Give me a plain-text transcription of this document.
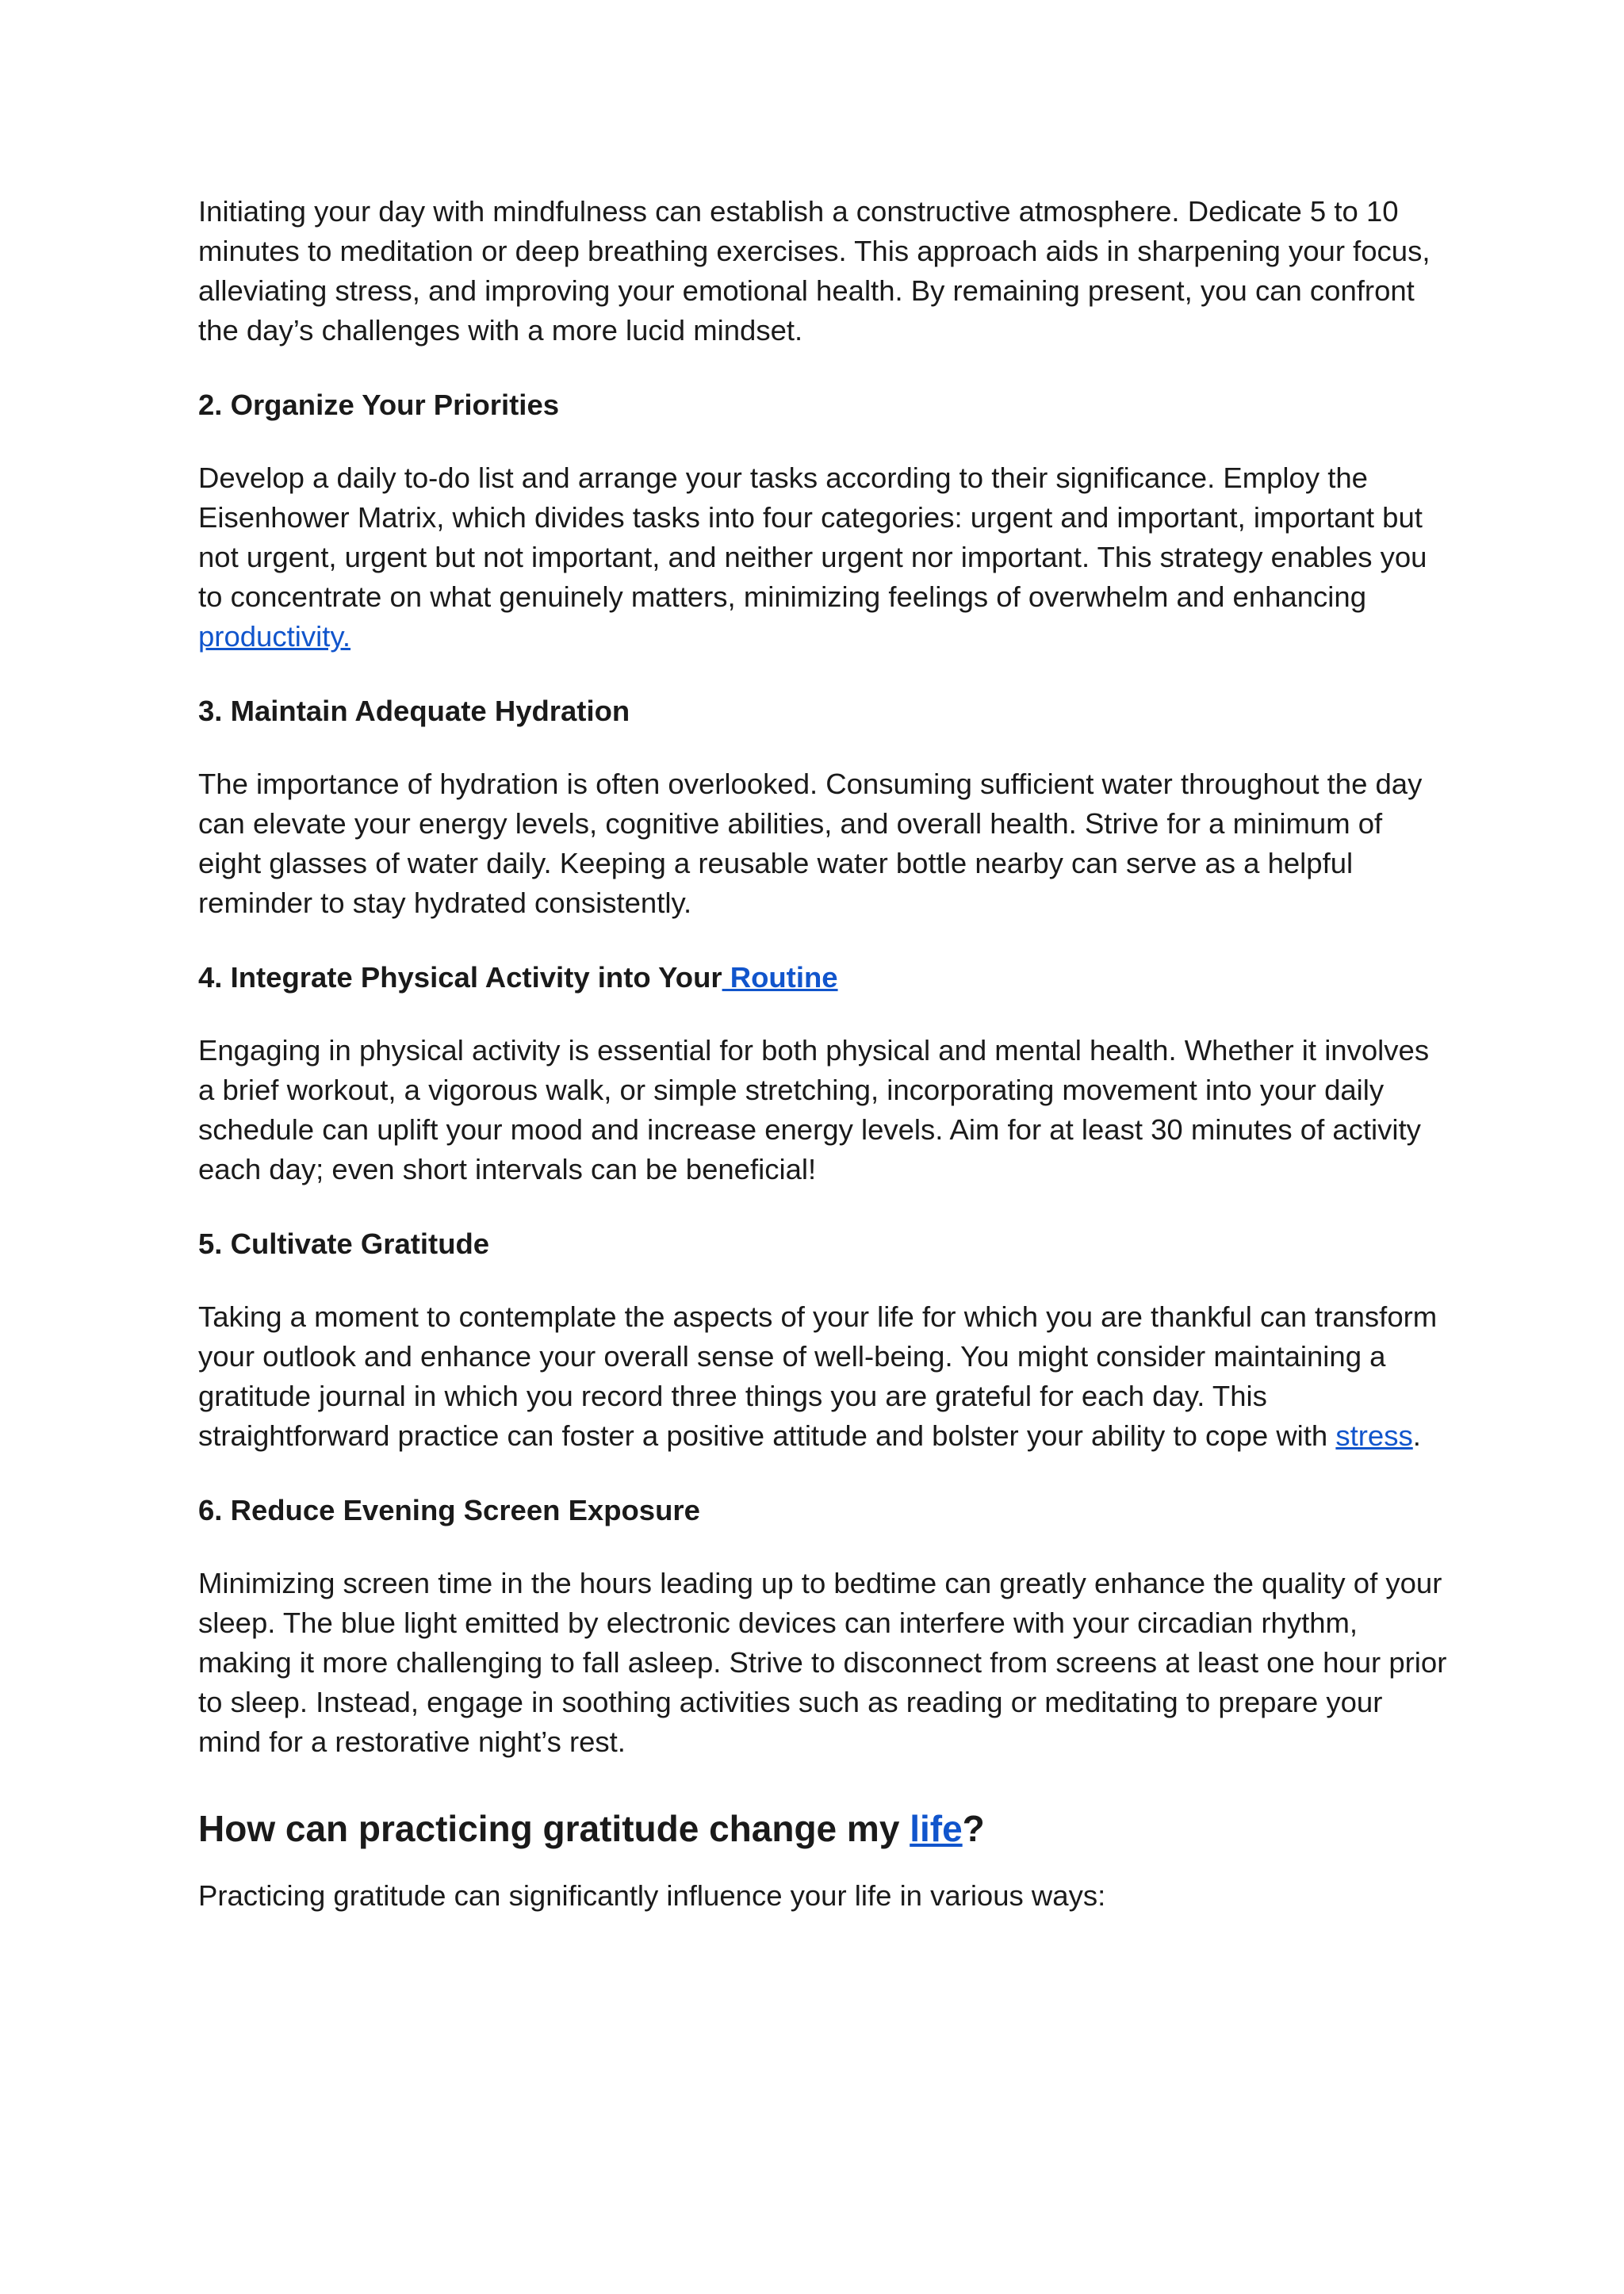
Initiating your day with mindfulness can establish a constructive atmosphere. Dedicate 5 to 10 minutes to meditation or deep breathing exercises. This approach aids in sharpening your focus, alleviating stress, and improving your emotional health. By remaining present, you can confront the day’s challenges with a more lucid mindset.

2. Organize Your Priorities

Develop a daily to-do list and arrange your tasks according to their significance. Employ the Eisenhower Matrix, which divides tasks into four categories: urgent and important, important but not urgent, urgent but not important, and neither urgent nor important. This strategy enables you to concentrate on what genuinely matters, minimizing feelings of overwhelm and enhancing productivity.

3. Maintain Adequate Hydration

The importance of hydration is often overlooked. Consuming sufficient water throughout the day can elevate your energy levels, cognitive abilities, and overall health. Strive for a minimum of eight glasses of water daily. Keeping a reusable water bottle nearby can serve as a helpful reminder to stay hydrated consistently.

4. Integrate Physical Activity into Your Routine

Engaging in physical activity is essential for both physical and mental health. Whether it involves a brief workout, a vigorous walk, or simple stretching, incorporating movement into your daily schedule can uplift your mood and increase energy levels. Aim for at least 30 minutes of activity each day; even short intervals can be beneficial!

5. Cultivate Gratitude

Taking a moment to contemplate the aspects of your life for which you are thankful can transform your outlook and enhance your overall sense of well-being. You might consider maintaining a gratitude journal in which you record three things you are grateful for each day. This straightforward practice can foster a positive attitude and bolster your ability to cope with stress.

6. Reduce Evening Screen Exposure

Minimizing screen time in the hours leading up to bedtime can greatly enhance the quality of your sleep. The blue light emitted by electronic devices can interfere with your circadian rhythm, making it more challenging to fall asleep. Strive to disconnect from screens at least one hour prior to sleep. Instead, engage in soothing activities such as reading or meditating to prepare your mind for a restorative night’s rest.

How can practicing gratitude change my life?

Practicing gratitude can significantly influence your life in various ways:
